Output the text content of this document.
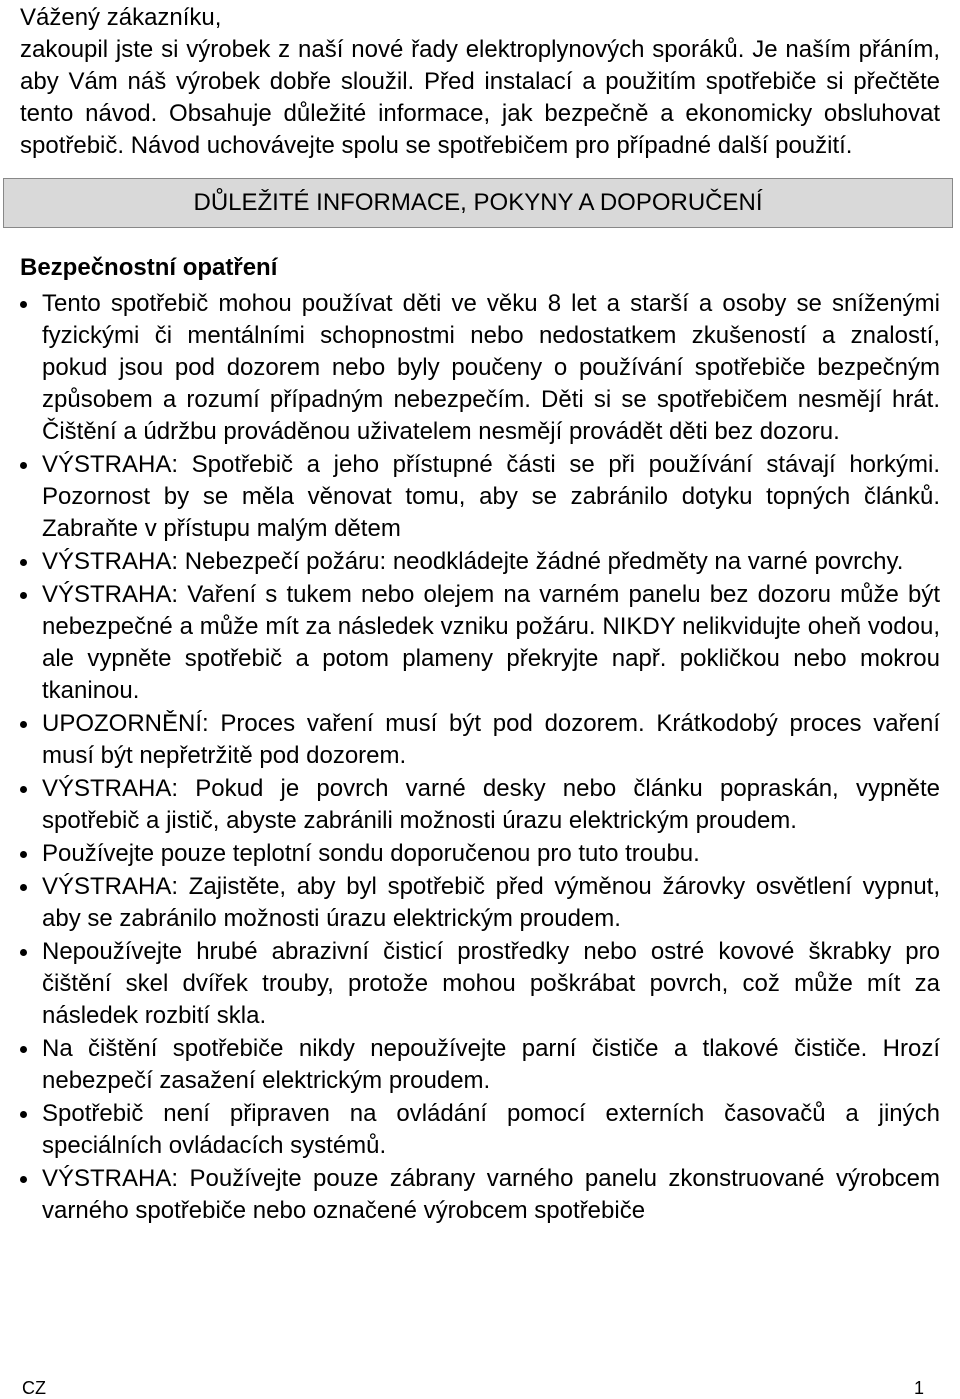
Vážený zákazníku,

zakoupil jste si výrobek z naší nové řady elektroplynových sporáků. Je naším přáním, aby Vám náš výrobek dobře sloužil. Před instalací a použitím spotřebiče si přečtěte tento návod. Obsahuje důležité informace, jak bezpečně a ekonomicky obsluhovat spotřebič. Návod uchovávejte spolu se spotřebičem pro případné další použití.

DŮLEŽITÉ INFORMACE, POKYNY A DOPORUČENÍ
Bezpečnostní opatření
Tento spotřebič mohou používat děti ve věku 8 let a starší a osoby se sníženými fyzickými či mentálními schopnostmi nebo nedostatkem zkušeností a znalostí, pokud jsou pod dozorem nebo byly poučeny o používání spotřebiče bezpečným způsobem a rozumí případným nebezpečím. Děti si se spotřebičem nesmějí hrát. Čištění a údržbu prováděnou uživatelem nesmějí provádět děti bez dozoru.
VÝSTRAHA: Spotřebič a jeho přístupné části se při používání stávají horkými. Pozornost by se měla věnovat tomu, aby se zabránilo dotyku topných článků. Zabraňte v přístupu malým dětem
VÝSTRAHA: Nebezpečí požáru: neodkládejte žádné předměty na varné povrchy.
VÝSTRAHA: Vaření s tukem nebo olejem na varném panelu bez dozoru může být nebezpečné a může mít za následek vzniku požáru. NIKDY nelikvidujte oheň vodou, ale vypněte spotřebič a potom plameny překryjte např. pokličkou nebo mokrou tkaninou.
UPOZORNĚNÍ: Proces vaření musí být pod dozorem. Krátkodobý proces vaření musí být nepřetržitě pod dozorem.
VÝSTRAHA: Pokud je povrch varné desky nebo článku popraskán, vypněte spotřebič a jistič, abyste zabránili možnosti úrazu elektrickým proudem.
Používejte pouze teplotní sondu doporučenou pro tuto troubu.
VÝSTRAHA: Zajistěte, aby byl spotřebič před výměnou žárovky osvětlení vypnut, aby se zabránilo možnosti úrazu elektrickým proudem.
Nepoužívejte hrubé abrazivní čisticí prostředky nebo ostré kovové škrabky pro čištění skel dvířek trouby, protože mohou poškrábat povrch, což může mít za následek rozbití skla.
Na čištění spotřebiče nikdy nepoužívejte parní čističe a tlakové čističe. Hrozí nebezpečí zasažení elektrickým proudem.
Spotřebič není připraven na ovládání pomocí externích časovačů a jiných speciálních ovládacích systémů.
VÝSTRAHA: Používejte pouze zábrany varného panelu zkonstruované výrobcem varného spotřebiče nebo označené výrobcem spotřebiče
CZ	1
